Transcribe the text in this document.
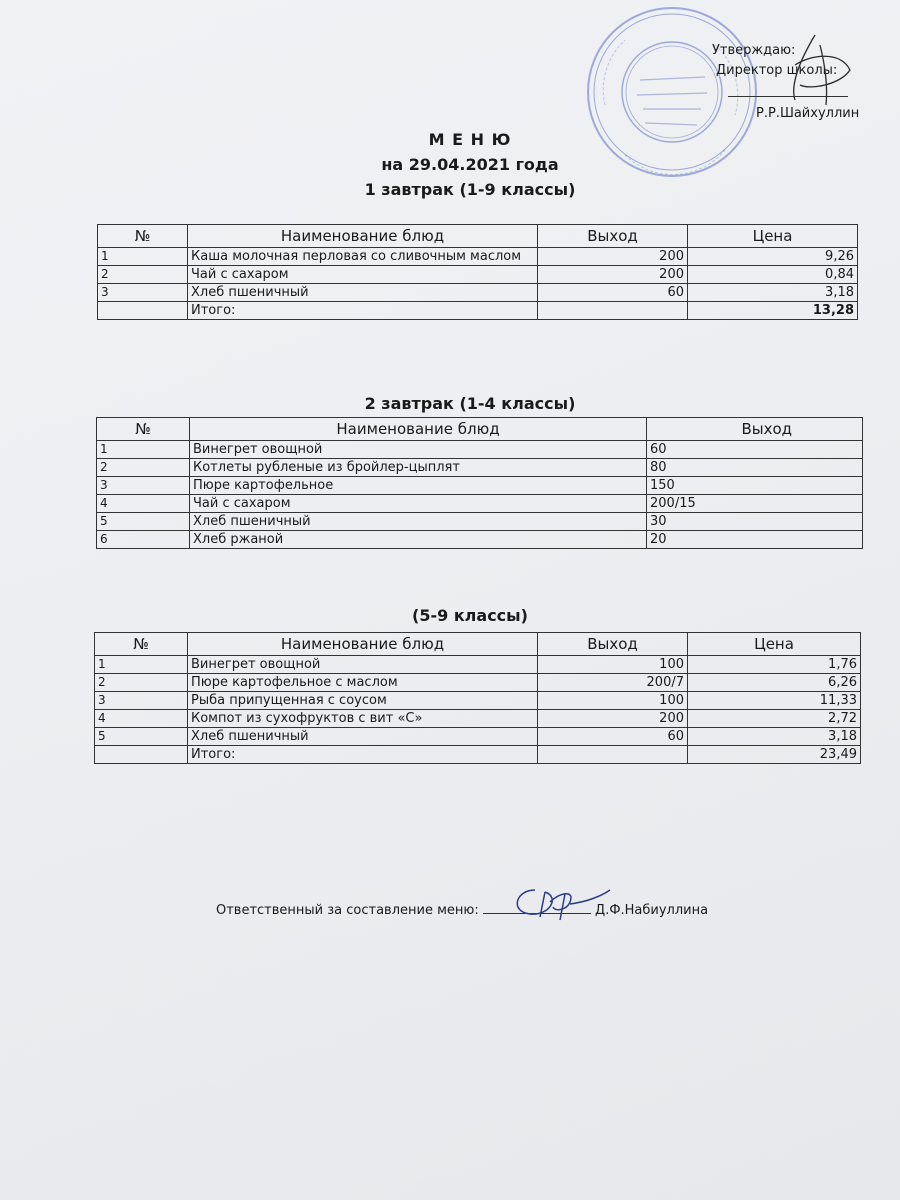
Утверждаю:
Директор школы:
Р.Р.Шайхуллин
М Е Н Ю
на 29.04.2021 года
1 завтрак (1-9 классы)
№	Наименование блюд	Выход	Цена
1	Каша молочная перловая со сливочным маслом	200	9,26
2	Чай с сахаром	200	0,84
3	Хлеб пшеничный	60	3,18
	Итого:		13,28
2 завтрак (1-4 классы)
№	Наименование блюд	Выход
1	Винегрет овощной	60
2	Котлеты рубленые из бройлер-цыплят	80
3	Пюре картофельное	150
4	Чай с сахаром	200/15
5	Хлеб пшеничный	30
6	Хлеб ржаной	20
(5-9 классы)
№	Наименование блюд	Выход	Цена
1	Винегрет овощной	100	1,76
2	Пюре картофельное с маслом	200/7	6,26
3	Рыба припущенная с соусом	100	11,33
4	Компот из сухофруктов с вит «С»	200	2,72
5	Хлеб пшеничный	60	3,18
	Итого:		23,49
Ответственный за составление меню:	Д.Ф.Набиуллина
